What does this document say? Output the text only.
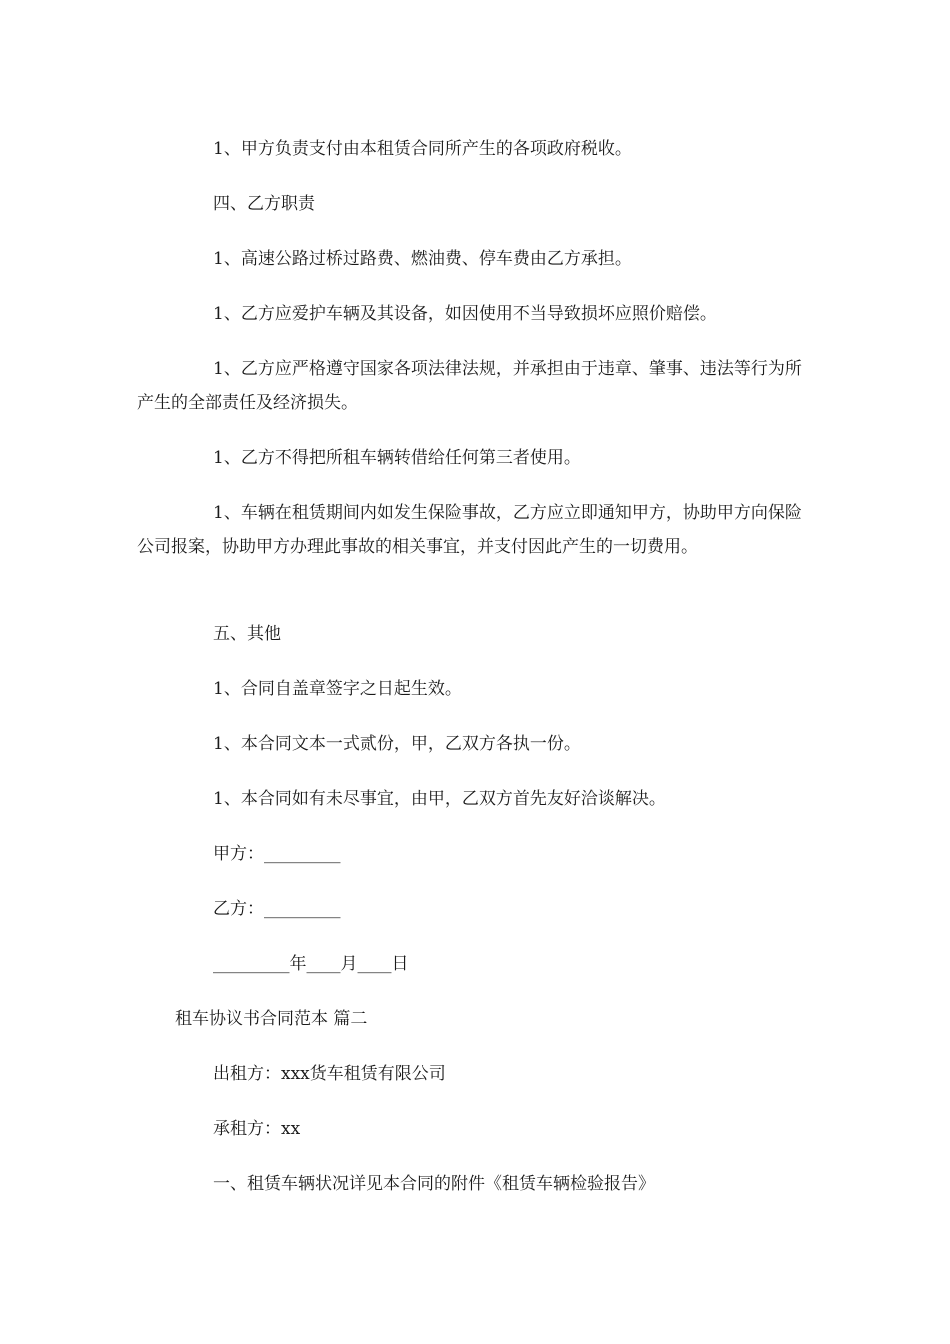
1、甲方负责支付由本租赁合同所产生的各项政府税收。

四、乙方职责

1、高速公路过桥过路费、燃油费、停车费由乙方承担。

1、乙方应爱护车辆及其设备，如因使用不当导致损坏应照价赔偿。

1、乙方应严格遵守国家各项法律法规，并承担由于违章、肇事、违法等行为所产生的全部责任及经济损失。

1、乙方不得把所租车辆转借给任何第三者使用。

1、车辆在租赁期间内如发生保险事故，乙方应立即通知甲方，协助甲方向保险公司报案，协助甲方办理此事故的相关事宜，并支付因此产生的一切费用。

五、其他

1、合同自盖章签字之日起生效。

1、本合同文本一式贰份，甲，乙双方各执一份。

1、本合同如有未尽事宜，由甲，乙双方首先友好洽谈解决。

甲方：_________

乙方：_________

_________年____月____日

租车协议书合同范本 篇二

出租方：xxx货车租赁有限公司

承租方：xx

一、租赁车辆状况详见本合同的附件《租赁车辆检验报告》
